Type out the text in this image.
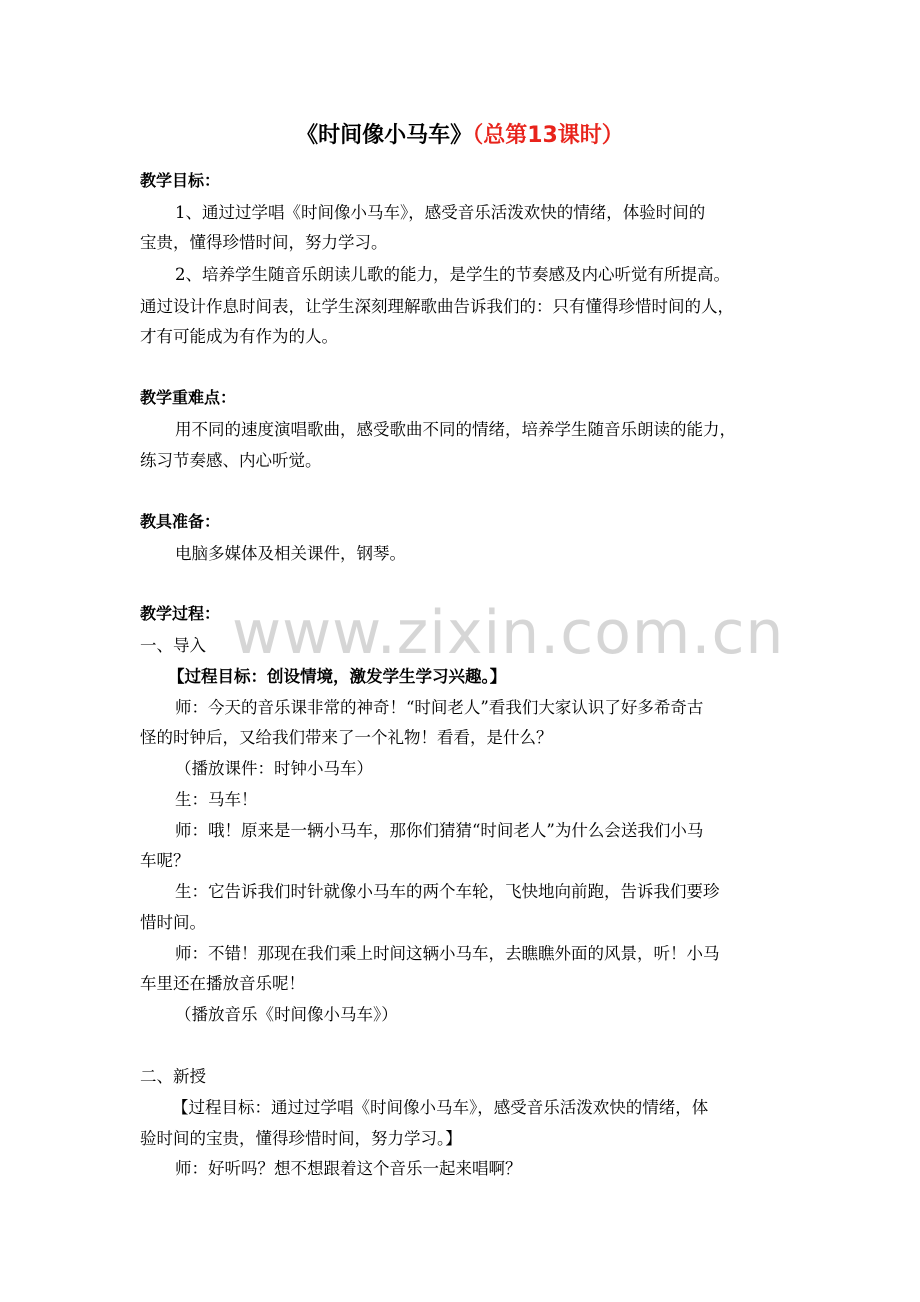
《时间像小马车》（总第13课时）
教学目标：
1、通过过学唱《时间像小马车》，感受音乐活泼欢快的情绪，体验时间的
宝贵，懂得珍惜时间，努力学习。
2、培养学生随音乐朗读儿歌的能力，是学生的节奏感及内心听觉有所提高。
通过设计作息时间表，让学生深刻理解歌曲告诉我们的：只有懂得珍惜时间的人，
才有可能成为有作为的人。
教学重难点：
用不同的速度演唱歌曲，感受歌曲不同的情绪，培养学生随音乐朗读的能力，
练习节奏感、内心听觉。
教具准备：
电脑多媒体及相关课件，钢琴。
教学过程： www.zixin.com.cn
一、导入
【过程目标：创设情境，激发学生学习兴趣。】
师：今天的音乐课非常的神奇！“时间老人”看我们大家认识了好多希奇古
怪的时钟后，又给我们带来了一个礼物！看看，是什么？
（播放课件：时钟小马车）
生：马车！
师：哦！原来是一辆小马车，那你们猜猜“时间老人”为什么会送我们小马
车呢？
生：它告诉我们时针就像小马车的两个车轮，飞快地向前跑，告诉我们要珍
惜时间。
师：不错！那现在我们乘上时间这辆小马车，去瞧瞧外面的风景，听！小马
车里还在播放音乐呢！
（播放音乐《时间像小马车》）
二、新授
【过程目标：通过过学唱《时间像小马车》，感受音乐活泼欢快的情绪，体
验时间的宝贵，懂得珍惜时间，努力学习。】
师：好听吗？想不想跟着这个音乐一起来唱啊？
